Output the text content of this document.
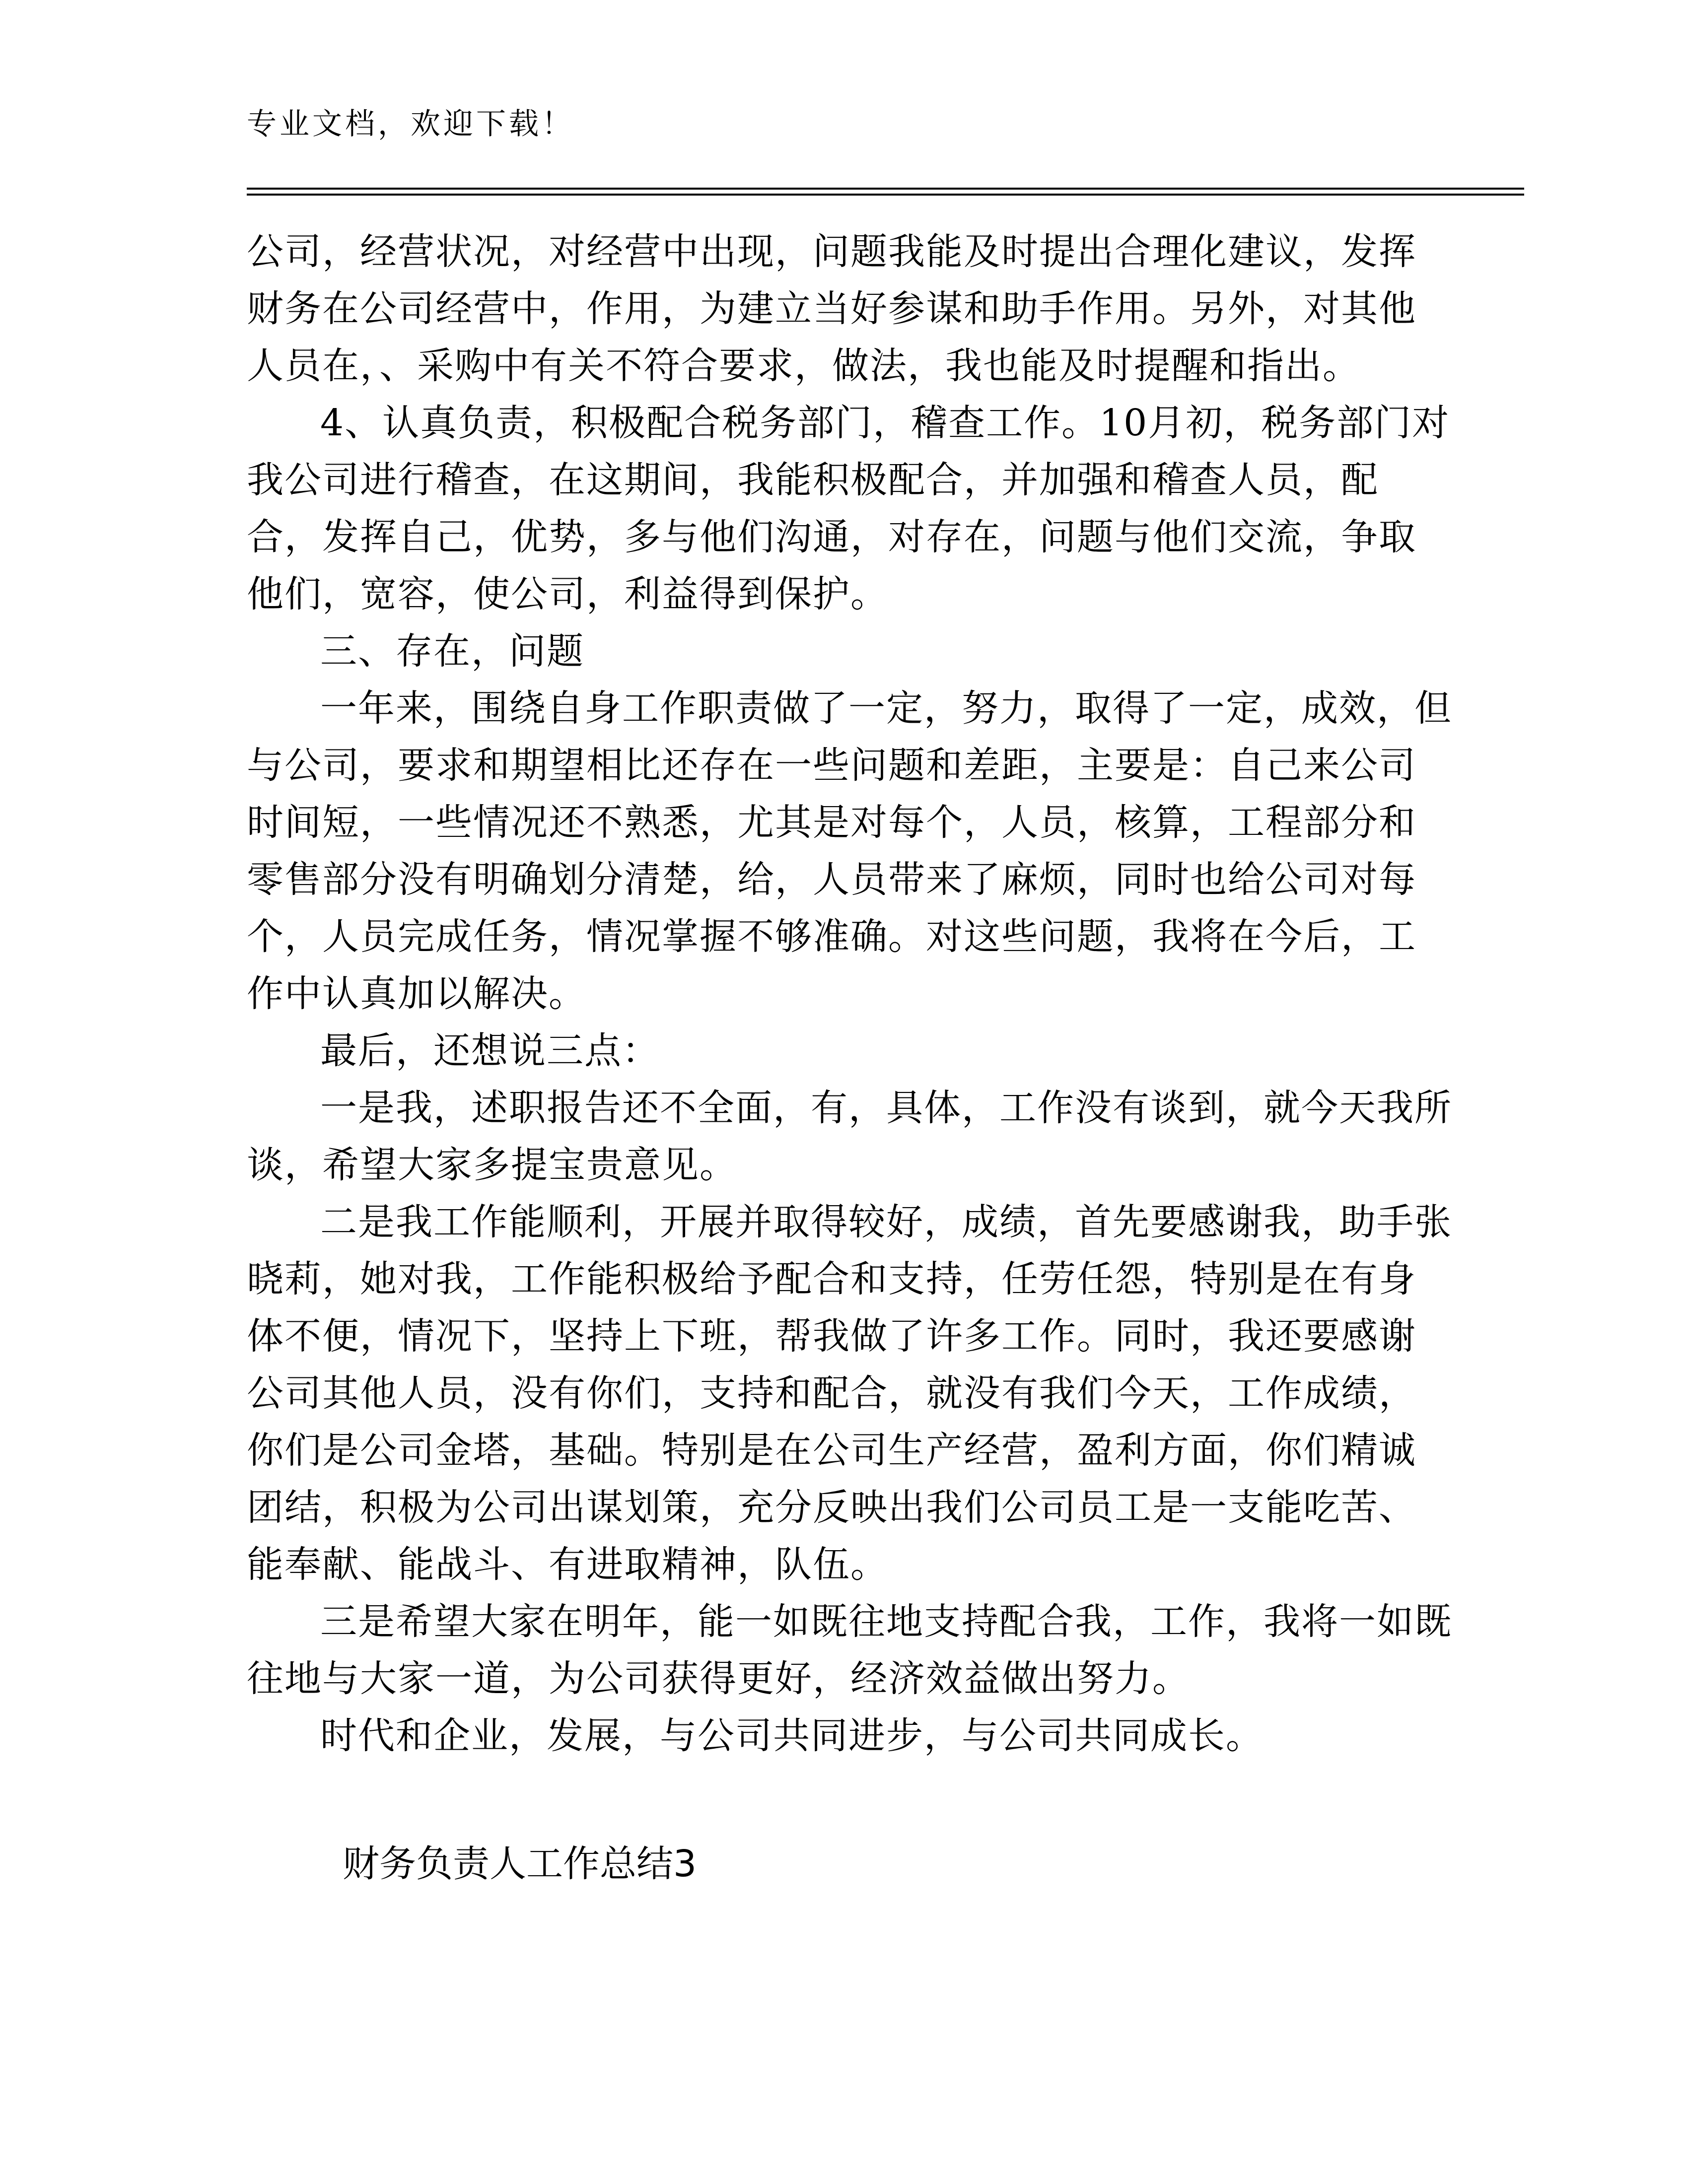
专业文档，欢迎下载！

公司，经营状况，对经营中出现，问题我能及时提出合理化建议，发挥财务在公司经营中，作用，为建立当好参谋和助手作用。另外，对其他人员在，、采购中有关不符合要求，做法，我也能及时提醒和指出。

4、认真负责，积极配合税务部门，稽查工作。10月初，税务部门对我公司进行稽查，在这期间，我能积极配合，并加强和稽查人员，配合，发挥自己，优势，多与他们沟通，对存在，问题与他们交流，争取他们，宽容，使公司，利益得到保护。

三、存在，问题

一年来，围绕自身工作职责做了一定，努力，取得了一定，成效，但与公司，要求和期望相比还存在一些问题和差距，主要是：自己来公司时间短，一些情况还不熟悉，尤其是对每个，人员，核算，工程部分和零售部分没有明确划分清楚，给，人员带来了麻烦，同时也给公司对每个，人员完成任务，情况掌握不够准确。对这些问题，我将在今后，工作中认真加以解决。

最后，还想说三点：

一是我，述职报告还不全面，有，具体，工作没有谈到，就今天我所谈，希望大家多提宝贵意见。

二是我工作能顺利，开展并取得较好，成绩，首先要感谢我，助手张晓莉，她对我，工作能积极给予配合和支持，任劳任怨，特别是在有身体不便，情况下，坚持上下班，帮我做了许多工作。同时，我还要感谢公司其他人员，没有你们，支持和配合，就没有我们今天，工作成绩，你们是公司金塔，基础。特别是在公司生产经营，盈利方面，你们精诚团结，积极为公司出谋划策，充分反映出我们公司员工是一支能吃苦、能奉献、能战斗、有进取精神，队伍。

三是希望大家在明年，能一如既往地支持配合我，工作，我将一如既往地与大家一道，为公司获得更好，经济效益做出努力。

时代和企业，发展，与公司共同进步，与公司共同成长。

财务负责人工作总结3
